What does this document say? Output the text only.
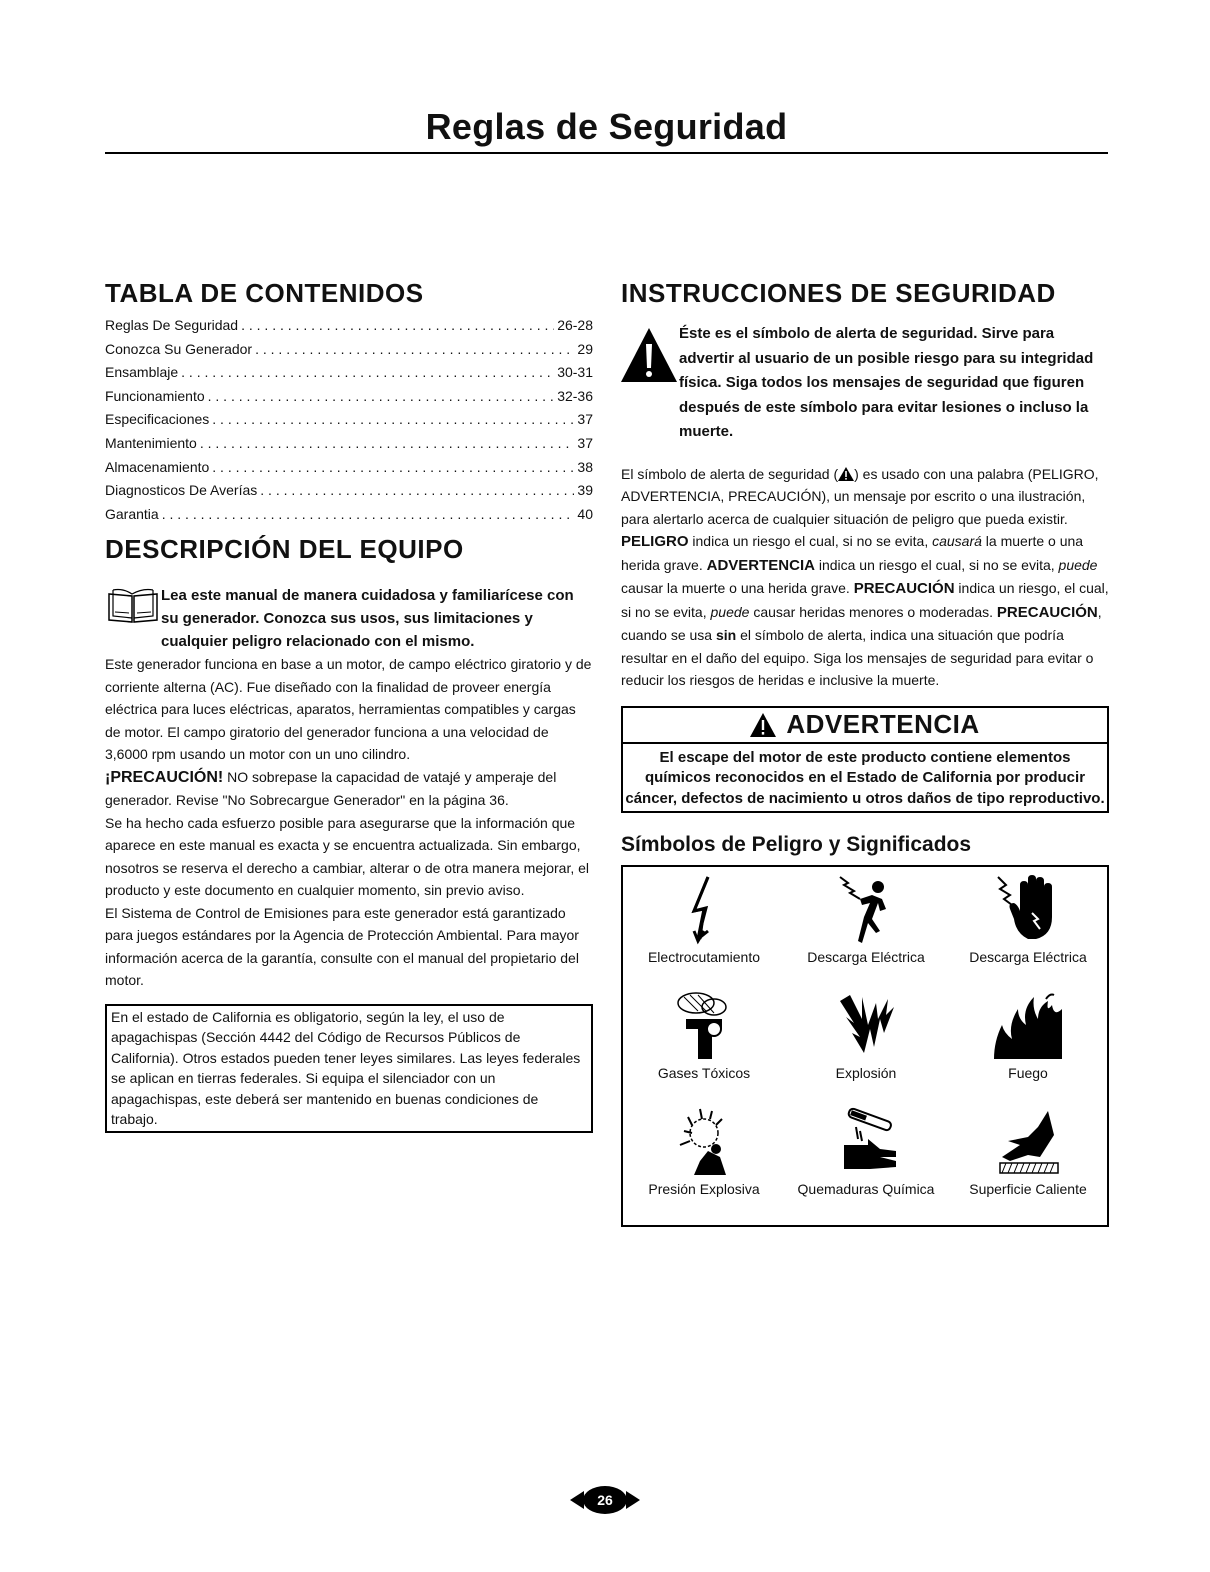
Reglas de Seguridad
TABLA DE CONTENIDOS
Reglas De Seguridad . . .	26-28
Conozca Su Generador . . .	29
Ensamblaje . . .	30-31
Funcionamiento . . .	32-36
Especificaciones . . .	37
Mantenimiento . . .	37
Almacenamiento . . .	38
Diagnosticos De Averías . . .	39
Garantia . . .	40
DESCRIPCIÓN DEL EQUIPO
Lea este manual de manera cuidadosa y familiarícese con su generador. Conozca sus usos, sus limitaciones y cualquier peligro relacionado con el mismo.

Este generador funciona en base a un motor, de campo eléctrico giratorio y de corriente alterna (AC). Fue diseñado con la finalidad de proveer energía eléctrica para luces eléctricas, aparatos, herramientas compatibles y cargas de motor. El campo giratorio del generador funciona a una velocidad de 3,6000 rpm usando un motor con un uno cilindro.

¡PRECAUCIÓN! NO sobrepase la capacidad de vatajé y amperaje del generador. Revise "No Sobrecargue Generador" en la página 36.

Se ha hecho cada esfuerzo posible para asegurarse que la información que aparece en este manual es exacta y se encuentra actualizada. Sin embargo, nosotros se reserva el derecho a cambiar, alterar o de otra manera mejorar, el producto y este documento en cualquier momento, sin previo aviso.

El Sistema de Control de Emisiones para este generador está garantizado para juegos estándares por la Agencia de Protección Ambiental. Para mayor información acerca de la garantía, consulte con el manual del propietario del motor.

En el estado de California es obligatorio, según la ley, el uso de apagachispas (Sección 4442 del Código de Recursos Públicos de California). Otros estados pueden tener leyes similares. Las leyes federales se aplican en tierras federales. Si equipa el silenciador con un apagachispas, este deberá ser mantenido en buenas condiciones de trabajo.
INSTRUCCIONES DE SEGURIDAD
Éste es el símbolo de alerta de seguridad. Sirve para advertir al usuario de un posible riesgo para su integridad física. Siga todos los mensajes de seguridad que figuren después de este símbolo para evitar lesiones o incluso la muerte.

El símbolo de alerta de seguridad ( ) es usado con una palabra (PELIGRO, ADVERTENCIA, PRECAUCIÓN), un mensaje por escrito o una ilustración, para alertarlo acerca de cualquier situación de peligro que pueda existir. PELIGRO indica un riesgo el cual, si no se evita, causará la muerte o una herida grave. ADVERTENCIA indica un riesgo el cual, si no se evita, puede causar la muerte o una herida grave. PRECAUCIÓN indica un riesgo, el cual, si no se evita, puede causar heridas menores o moderadas. PRECAUCIÓN, cuando se usa sin el símbolo de alerta, indica una situación que podría resultar en el daño del equipo. Siga los mensajes de seguridad para evitar o reducir los riesgos de heridas e inclusive la muerte.

ADVERTENCIA
El escape del motor de este producto contiene elementos químicos reconocidos en el Estado de California por producir cáncer, defectos de nacimiento u otros daños de tipo reproductivo.
Símbolos de Peligro y Significados
Electrocutamiento	Descarga Eléctrica	Descarga Eléctrica
Gases Tóxicos	Explosión	Fuego
Presión Explosiva	Quemaduras Química	Superficie Caliente
26
